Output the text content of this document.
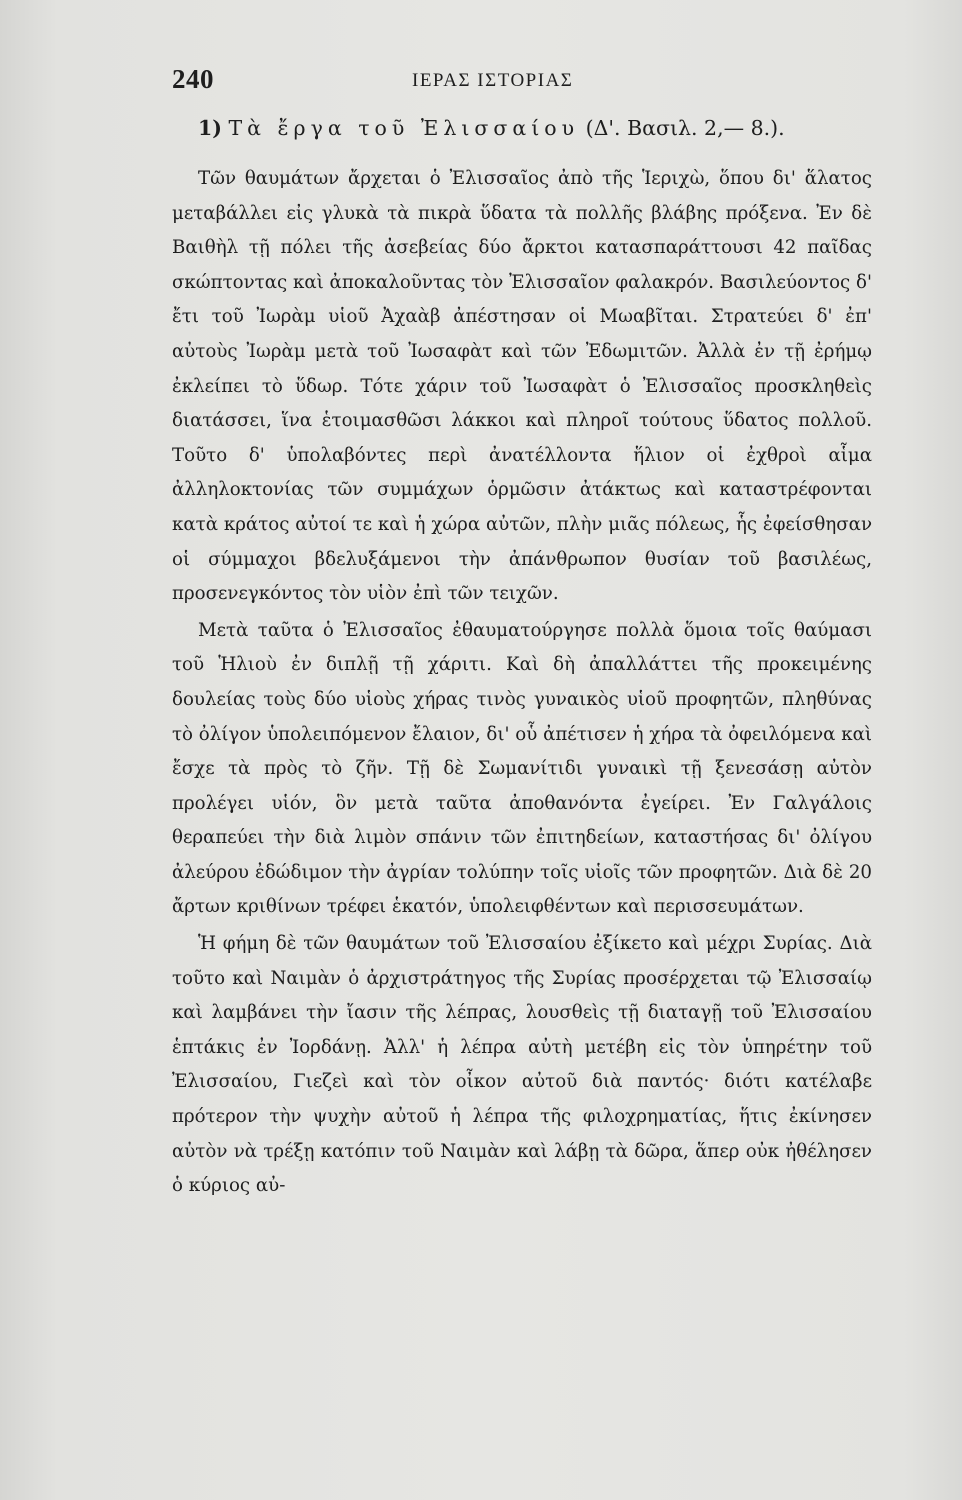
240	ΙΕΡΑΣ ΙΣΤΟΡΙΑΣ
1) Τὰ ἔργα τοῦ Ἐλισσαίου (Δ'. Βασιλ. 2,— 8.).

Τῶν θαυμάτων ἄρχεται ὁ Ἐλισσαῖος ἀπὸ τῆς Ἱεριχὼ, ὅπου δι' ἅλατος μεταβάλλει εἰς γλυκὰ τὰ πικρὰ ὕδατα τὰ πολλῆς βλάβης πρόξενα. Ἐν δὲ Βαιθὴλ τῇ πόλει τῆς ἀσεβείας δύο ἄρκτοι κατασπαράττουσι 42 παῖδας σκώπτοντας καὶ ἀποκαλοῦντας τὸν Ἐλισσαῖον φαλακρόν. Βασιλεύοντος δ' ἔτι τοῦ Ἰωρὰμ υἱοῦ Ἀχαὰβ ἀπέστησαν οἱ Μωαβῖται. Στρατεύει δ' ἐπ' αὐτοὺς Ἰωρὰμ μετὰ τοῦ Ἰωσαφὰτ καὶ τῶν Ἐδωμιτῶν. Ἀλλὰ ἐν τῇ ἐρήμῳ ἐκλείπει τὸ ὕδωρ. Τότε χάριν τοῦ Ἰωσαφὰτ ὁ Ἐλισσαῖος προσκληθεὶς διατάσσει, ἵνα ἑτοιμασθῶσι λάκκοι καὶ πληροῖ τούτους ὕδατος πολλοῦ. Τοῦτο δ' ὑπολαβόντες περὶ ἀνατέλλοντα ἥλιον οἱ ἐχθροὶ αἷμα ἀλληλοκτονίας τῶν συμμάχων ὁρμῶσιν ἀτάκτως καὶ καταστρέφονται κατὰ κράτος αὐτοί τε καὶ ἡ χώρα αὐτῶν, πλὴν μιᾶς πόλεως, ἧς ἐφείσθησαν οἱ σύμμαχοι βδελυξάμενοι τὴν ἀπάνθρωπον θυσίαν τοῦ βασιλέως, προσενεγκόντος τὸν υἱὸν ἐπὶ τῶν τειχῶν.

Μετὰ ταῦτα ὁ Ἐλισσαῖος ἐθαυματούργησε πολλὰ ὅμοια τοῖς θαύμασι τοῦ Ἡλιοὺ ἐν διπλῇ τῇ χάριτι. Καὶ δὴ ἀπαλλάττει τῆς προκειμένης δουλείας τοὺς δύο υἱοὺς χήρας τινὸς γυναικὸς υἱοῦ προφητῶν, πληθύνας τὸ ὀλίγον ὑπολειπόμενον ἔλαιον, δι' οὗ ἀπέτισεν ἡ χήρα τὰ ὀφειλόμενα καὶ ἔσχε τὰ πρὸς τὸ ζῆν. Τῇ δὲ Σωμανίτιδι γυναικὶ τῇ ξενεσάσῃ αὐτὸν προλέγει υἱόν, ὃν μετὰ ταῦτα ἀποθανόντα ἐγείρει. Ἐν Γαλγάλοις θεραπεύει τὴν διὰ λιμὸν σπάνιν τῶν ἐπιτηδείων, καταστήσας δι' ὀλίγου ἀλεύρου ἐδώδιμον τὴν ἀγρίαν τολύπην τοῖς υἱοῖς τῶν προφητῶν. Διὰ δὲ 20 ἄρτων κριθίνων τρέφει ἑκατόν, ὑπολειφθέντων καὶ περισσευμάτων.

Ἡ φήμη δὲ τῶν θαυμάτων τοῦ Ἐλισσαίου ἐξίκετο καὶ μέχρι Συρίας. Διὰ τοῦτο καὶ Ναιμὰν ὁ ἀρχιστράτηγος τῆς Συρίας προσέρχεται τῷ Ἐλισσαίῳ καὶ λαμβάνει τὴν ἴασιν τῆς λέπρας, λουσθεὶς τῇ διαταγῇ τοῦ Ἐλισσαίου ἑπτάκις ἐν Ἰορδάνῃ. Ἀλλ' ἡ λέπρα αὐτὴ μετέβη εἰς τὸν ὑπηρέτην τοῦ Ἐλισσαίου, Γιεζεὶ καὶ τὸν οἶκον αὐτοῦ διὰ παντός· διότι κατέλαβε πρότερον τὴν ψυχὴν αὐτοῦ ἡ λέπρα τῆς φιλοχρηματίας, ἥτις ἐκίνησεν αὐτὸν νὰ τρέξῃ κατόπιν τοῦ Ναιμὰν καὶ λάβῃ τὰ δῶρα, ἅπερ οὐκ ἠθέλησεν ὁ κύριος αὐ-
